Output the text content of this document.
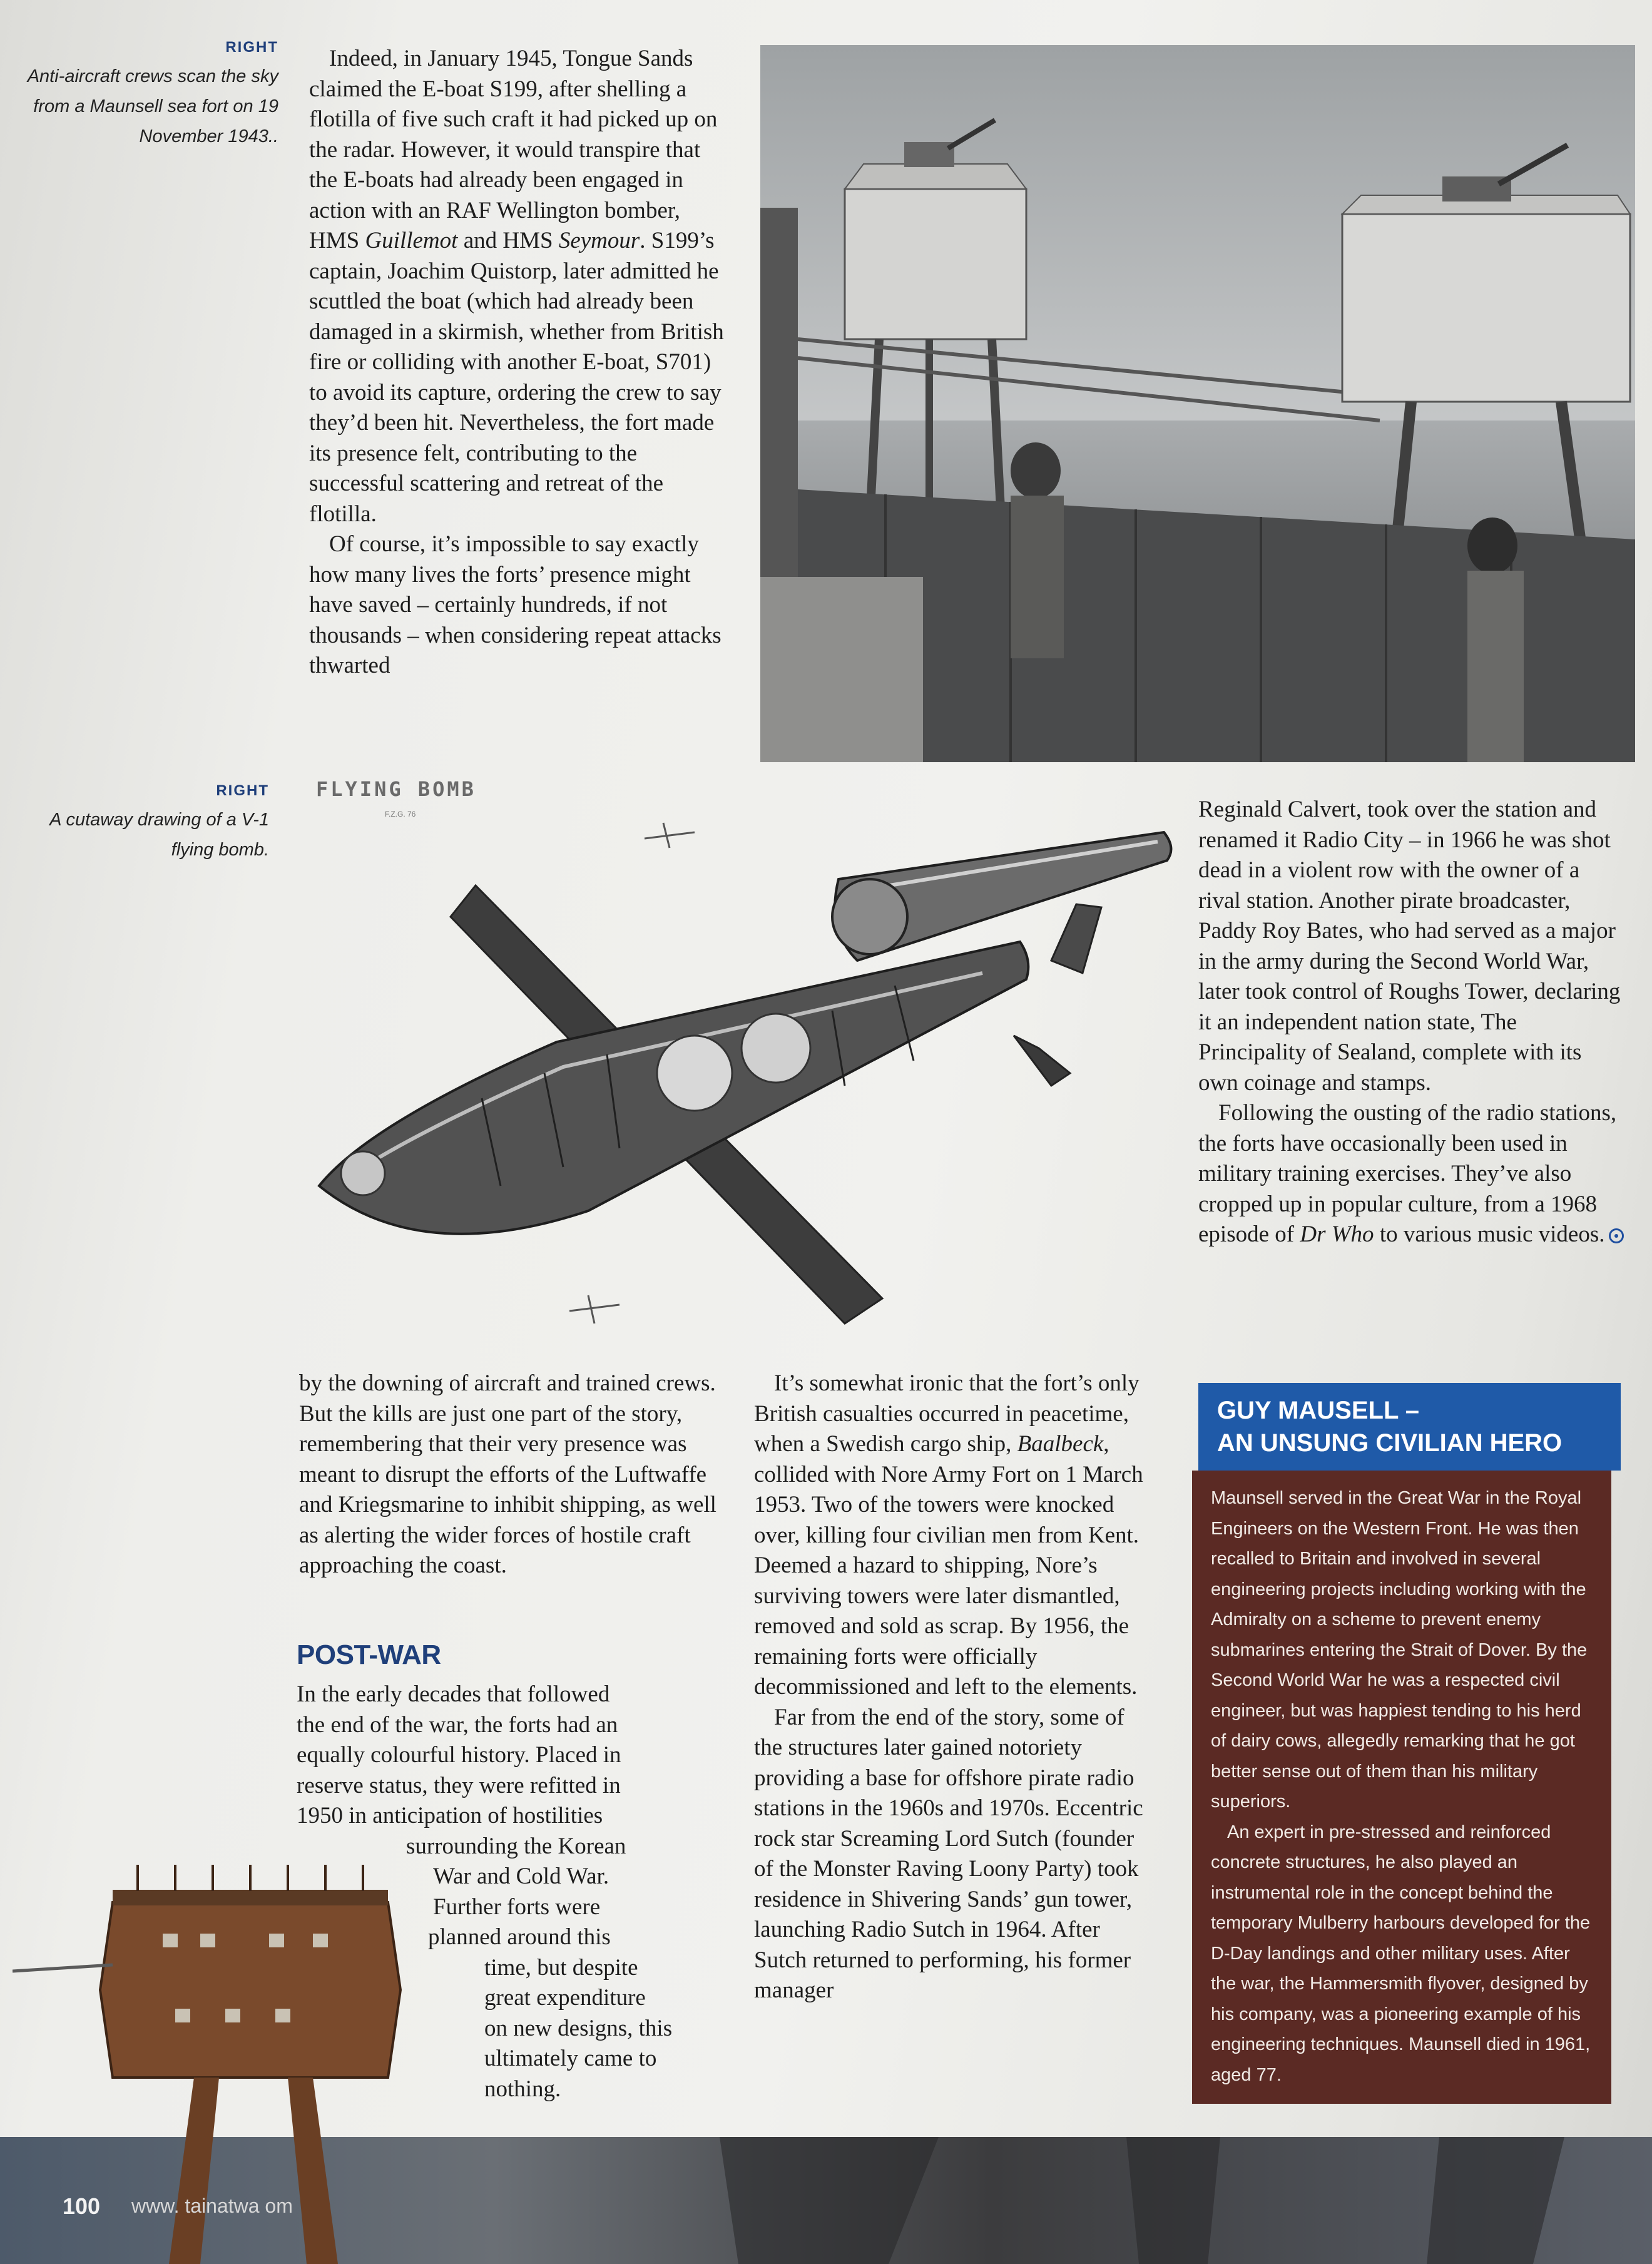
RIGHT
Anti-aircraft crews scan the sky from a Maunsell sea fort on 19 November 1943..

Indeed, in January 1945, Tongue Sands claimed the E-boat S199, after shelling a flotilla of five such craft it had picked up on the radar. However, it would transpire that the E-boats had already been engaged in action with an RAF Wellington bomber, HMS Guillemot and HMS Seymour. S199’s captain, Joachim Quistorp, later admitted he scuttled the boat (which had already been damaged in a skirmish, whether from British fire or colliding with another E-boat, S701) to avoid its capture, ordering the crew to say they’d been hit. Nevertheless, the fort made its presence felt, contributing to the successful scattering and retreat of the flotilla.

Of course, it’s impossible to say exactly how many lives the forts’ presence might have saved – certainly hundreds, if not thousands – when considering repeat attacks thwarted

RIGHT
A cutaway drawing of a V-1 flying bomb.
FLYING BOMB
F.Z.G. 76	Reginald Calvert, took over the station and renamed it Radio City – in 1966 he was shot dead in a violent row with the owner of a rival station. Another pirate broadcaster, Paddy Roy Bates, who had served as a major in the army during the Second World War, later took control of Roughs Tower, declaring it an independent nation state, The Principality of Sealand, complete with its own coinage and stamps.

Following the ousting of the radio stations, the forts have occasionally been used in military training exercises. They’ve also cropped up in popular culture, from a 1968 episode of Dr Who to various music videos.

by the downing of aircraft and trained crews. But the kills are just one part of the story, remembering that their very presence was meant to disrupt the efforts of the Luftwaffe and Kriegsmarine to inhibit shipping, as well as alerting the wider forces of hostile craft approaching the coast.

POST-WAR
In the early decades that followed
the end of the war, the forts had an
equally colourful history. Placed in
reserve status, they were refitted in
1950 in anticipation of hostilities
surrounding the Korean
War and Cold War.
Further forts were
planned around this
time, but despite
great expenditure
on new designs, this
ultimately came to
nothing.

It’s somewhat ironic that the fort’s only British casualties occurred in peacetime, when a Swedish cargo ship, Baalbeck, collided with Nore Army Fort on 1 March 1953. Two of the towers were knocked over, killing four civilian men from Kent. Deemed a hazard to shipping, Nore’s surviving towers were later dismantled, removed and sold as scrap. By 1956, the remaining forts were officially decommissioned and left to the elements.

Far from the end of the story, some of the structures later gained notoriety providing a base for offshore pirate radio stations in the 1960s and 1970s. Eccentric rock star Screaming Lord Sutch (founder of the Monster Raving Loony Party) took residence in Shivering Sands’ gun tower, launching Radio Sutch in 1964. After Sutch returned to performing, his former manager

GUY MAUSELL –
AN UNSUNG CIVILIAN HERO

Maunsell served in the Great War in the Royal Engineers on the Western Front. He was then recalled to Britain and involved in several engineering projects including working with the Admiralty on a scheme to prevent enemy submarines entering the Strait of Dover. By the Second World War he was a respected civil engineer, but was happiest tending to his herd of dairy cows, allegedly remarking that he got better sense out of them than his military superiors.

An expert in pre-stressed and reinforced concrete structures, he also played an instrumental role in the concept behind the temporary Mulberry harbours developed for the D-Day landings and other military uses. After the war, the Hammersmith flyover, designed by his company, was a pioneering example of his engineering techniques. Maunsell died in 1961, aged 77.

100 www. tainatwa om
